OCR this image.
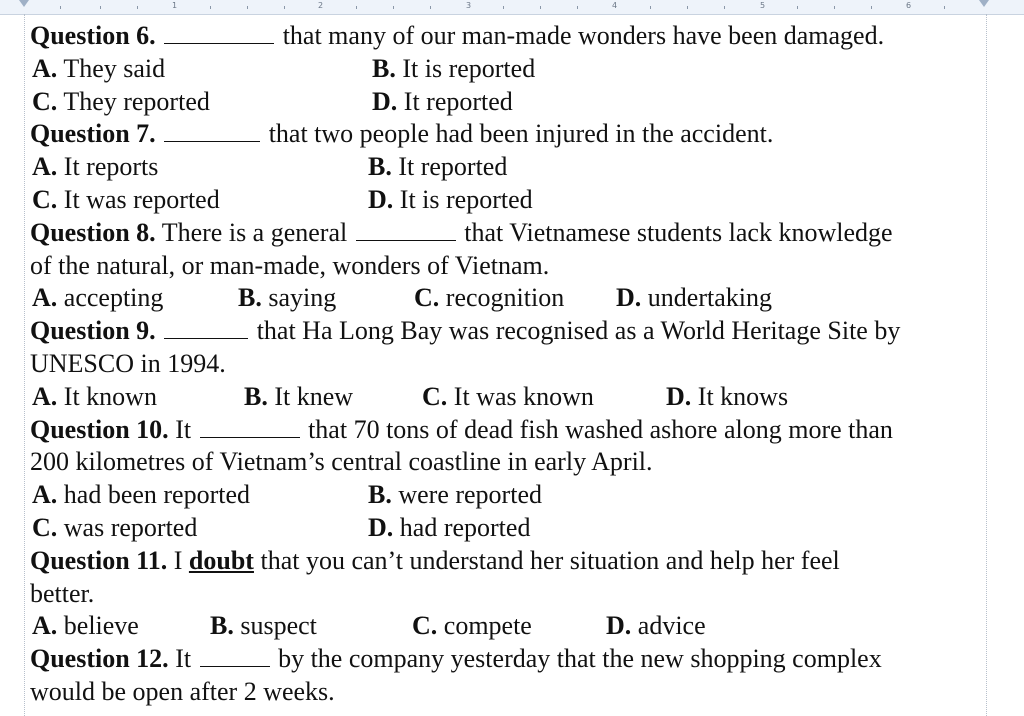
1	2	3	4	5	6
Question 6.	that many of our man-made wonders have been damaged.
A. They said	B. It is reported
C. They reported	D. It reported
Question 7.	that two people had been injured in the accident.
A. It reports	B. It reported
C. It was reported	D. It is reported
Question 8. There is a general	that Vietnamese students lack knowledge
of the natural, or man-made, wonders of Vietnam.
A. accepting	B. saying	C. recognition D. undertaking
Question 9.	that Ha Long Bay was recognised as a World Heritage Site by
UNESCO in 1994.
A. It known	B. It knew	C. It was known	D. It knows
Question 10. It	that 70 tons of dead fish washed ashore along more than
200 kilometres of Vietnam’s central coastline in early April.
A. had been reported	B. were reported
C. was reported	D. had reported
Question 11. I doubt that you can’t understand her situation and help her feel
better.
A. believe	B. suspect	C. compete	D. advice
Question 12. It	by the company yesterday that the new shopping complex
would be open after 2 weeks.
